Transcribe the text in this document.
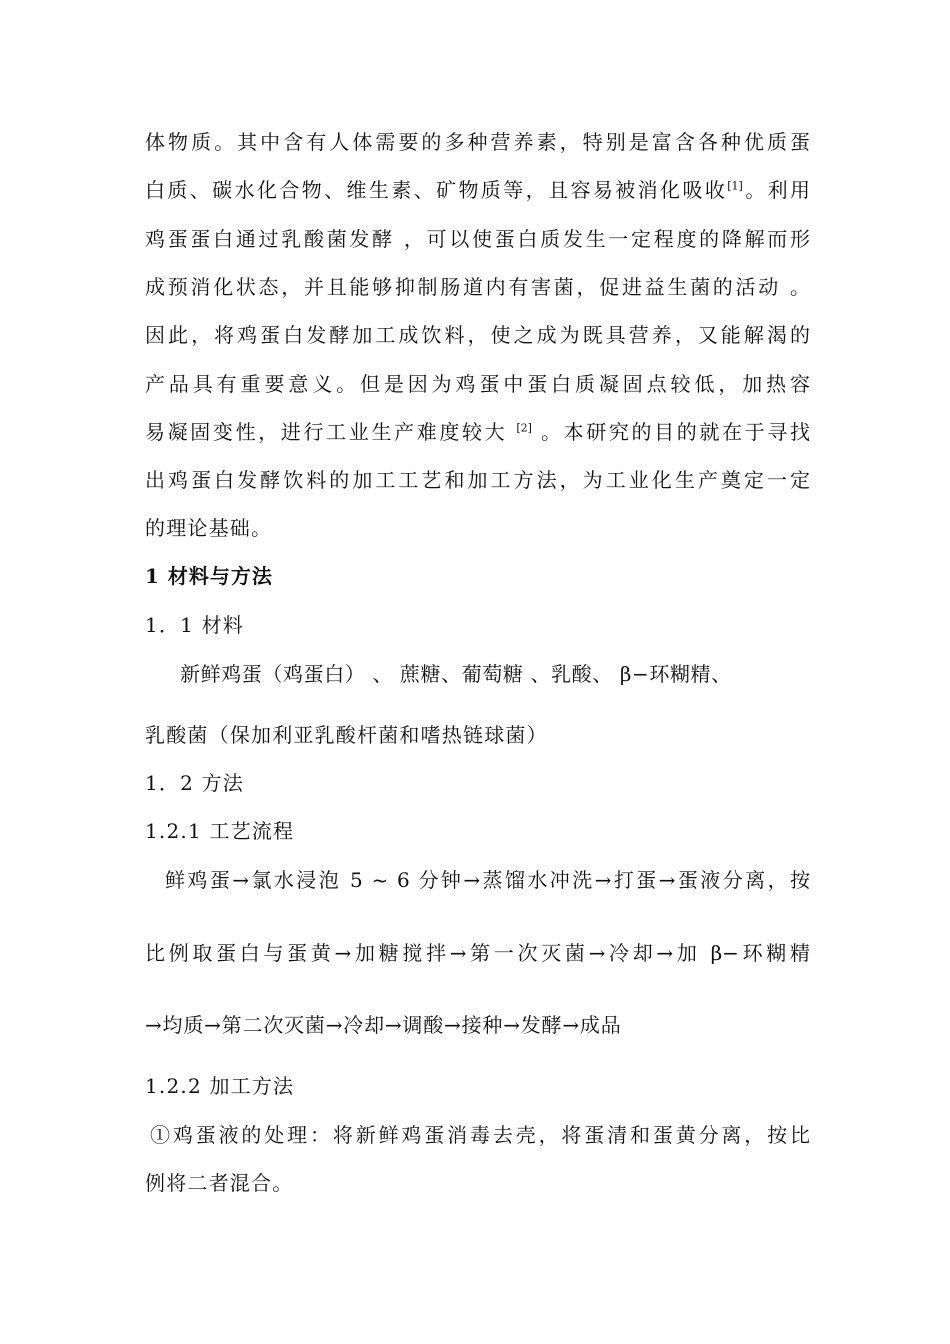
体物质。其中含有人体需要的多种营养素，特别是富含各种优质蛋
白质、碳水化合物、维生素、矿物质等，且容易被消化吸收[1]。利用
鸡蛋蛋白通过乳酸菌发酵 ，可以使蛋白质发生一定程度的降解而形
成预消化状态，并且能够抑制肠道内有害菌，促进益生菌的活动 。
因此，将鸡蛋白发酵加工成饮料，使之成为既具营养，又能解渴的
产品具有重要意义。但是因为鸡蛋中蛋白质凝固点较低，加热容
易凝固变性，进行工业生产难度较大 [2] 。本研究的目的就在于寻找
出鸡蛋白发酵饮料的加工工艺和加工方法，为工业化生产奠定一定
的理论基础。
1 材料与方法
1．1 材料
新鲜鸡蛋（鸡蛋白） 、 蔗糖、葡萄糖 、乳酸、 β−环糊精、
乳酸菌（保加利亚乳酸杆菌和嗜热链球菌）
1．2 方法
1.2.1 工艺流程
鲜鸡蛋→氯水浸泡 5 ~ 6 分钟→蒸馏水冲洗→打蛋→蛋液分离，按
比例取蛋白与蛋黄→加糖搅拌→第一次灭菌→冷却→加 β−环糊精
→均质→第二次灭菌→冷却→调酸→接种→发酵→成品
1.2.2 加工方法
①鸡蛋液的处理：将新鲜鸡蛋消毒去壳，将蛋清和蛋黄分离，按比
例将二者混合。
